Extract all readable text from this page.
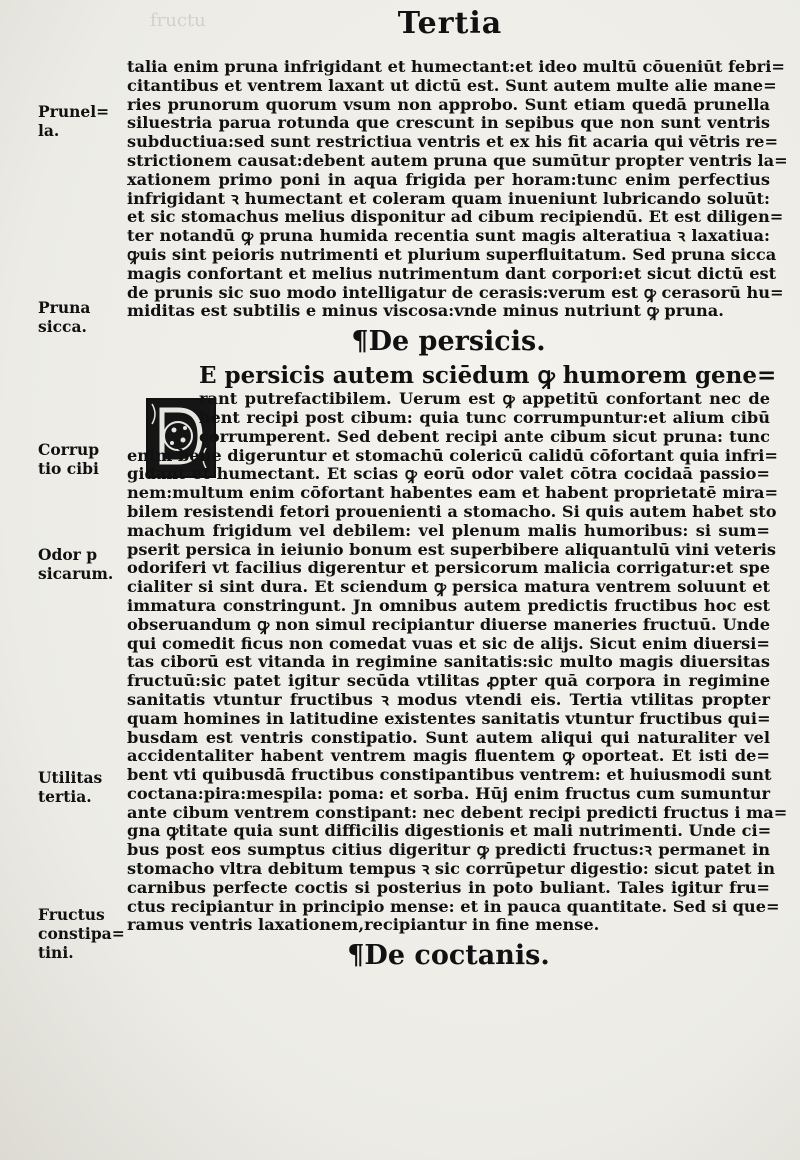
fructu	Tertia
Prunel=
la.
Pruna
sicca.
Corrup
tio cibi
Odor p
sicarum.
Utilitas
tertia.
Fructus
constipa=
tini.
talia enim pruna infrigidant et humectant:et ideo multū cōueniūt febri=
citantibus et ventrem laxant ut dictū est. Sunt autem multe alie mane=
ries prunorum quorum vsum non approbo. Sunt etiam quedā prunella
siluestria parua rotunda que crescunt in sepibus que non sunt ventris
subductiua:sed sunt restrictiua ventris et ex his fit acaria qui vētris re=
strictionem causat:debent autem pruna que sumūtur propter ventris la=
xationem primo poni in aqua frigida per horam:tunc enim perfectius
infrigidant ꝛ humectant et coleram quam inueniunt lubricando soluūt:
et sic stomachus melius disponitur ad cibum recipiendū. Et est diligen=
ter notandū ꝙ pruna humida recentia sunt magis alteratiua ꝛ laxatiua:
ꝙuis sint peioris nutrimenti et plurium superfluitatum. Sed pruna sicca
magis confortant et melius nutrimentum dant corpori:et sicut dictū est
de prunis sic suo modo intelligatur de cerasis:verum est ꝙ cerasorū hu=
miditas est subtilis e minus viscosa:vnde minus nutriunt ꝙ pruna.
¶De persicis.
E persicis autem sciēdum ꝙ humorem gene=
rant putrefactibilem. Uerum est ꝙ appetitū confortant nec de
bent recipi post cibum: quia tunc corrumpuntur:et alium cibū
corrumperent. Sed debent recipi ante cibum sicut pruna: tunc
enim bene digeruntur et stomachū colericū calidū cōfortant quia infri=
gidant et humectant. Et scias ꝙ eorū odor valet cōtra cocidaā passio=
nem:multum enim cōfortant habentes eam et habent proprietatē mira=
bilem resistendi fetori prouenienti a stomacho. Si quis autem habet sto
machum frigidum vel debilem: vel plenum malis humoribus: si sum=
pserit persica in ieiunio bonum est superbibere aliquantulū vini veteris
odoriferi vt facilius digerentur et persicorum malicia corrigatur:et spe
cialiter si sint dura. Et sciendum ꝙ persica matura ventrem soluunt et
immatura constringunt. Jn omnibus autem predictis fructibus hoc est
obseruandum ꝙ non simul recipiantur diuerse maneries fructuū. Unde
qui comedit ficus non comedat vuas et sic de alijs. Sicut enim diuersi=
tas ciborū est vitanda in regimine sanitatis:sic multo magis diuersitas
fructuū:sic patet igitur secūda vtilitas ꝓpter quā corpora in regimine
sanitatis vtuntur fructibus ꝛ modus vtendi eis. Tertia vtilitas propter
quam homines in latitudine existentes sanitatis vtuntur fructibus qui=
busdam est ventris constipatio. Sunt autem aliqui qui naturaliter vel
accidentaliter habent ventrem magis fluentem ꝙ oporteat. Et isti de=
bent vti quibusdā fructibus constipantibus ventrem: et huiusmodi sunt
coctana:pira:mespila: poma: et sorba. Hūj enim fructus cum sumuntur
ante cibum ventrem constipant: nec debent recipi predicti fructus i ma=
gna ꝙtitate quia sunt difficilis digestionis et mali nutrimenti. Unde ci=
bus post eos sumptus citius digeritur ꝙ predicti fructus:ꝛ permanet in
stomacho vltra debitum tempus ꝛ sic corrūpetur digestio: sicut patet in
carnibus perfecte coctis si posterius in poto buliant. Tales igitur fru=
ctus recipiantur in principio mense: et in pauca quantitate. Sed si que=
ramus ventris laxationem,recipiantur in fine mense.
¶De coctanis.
